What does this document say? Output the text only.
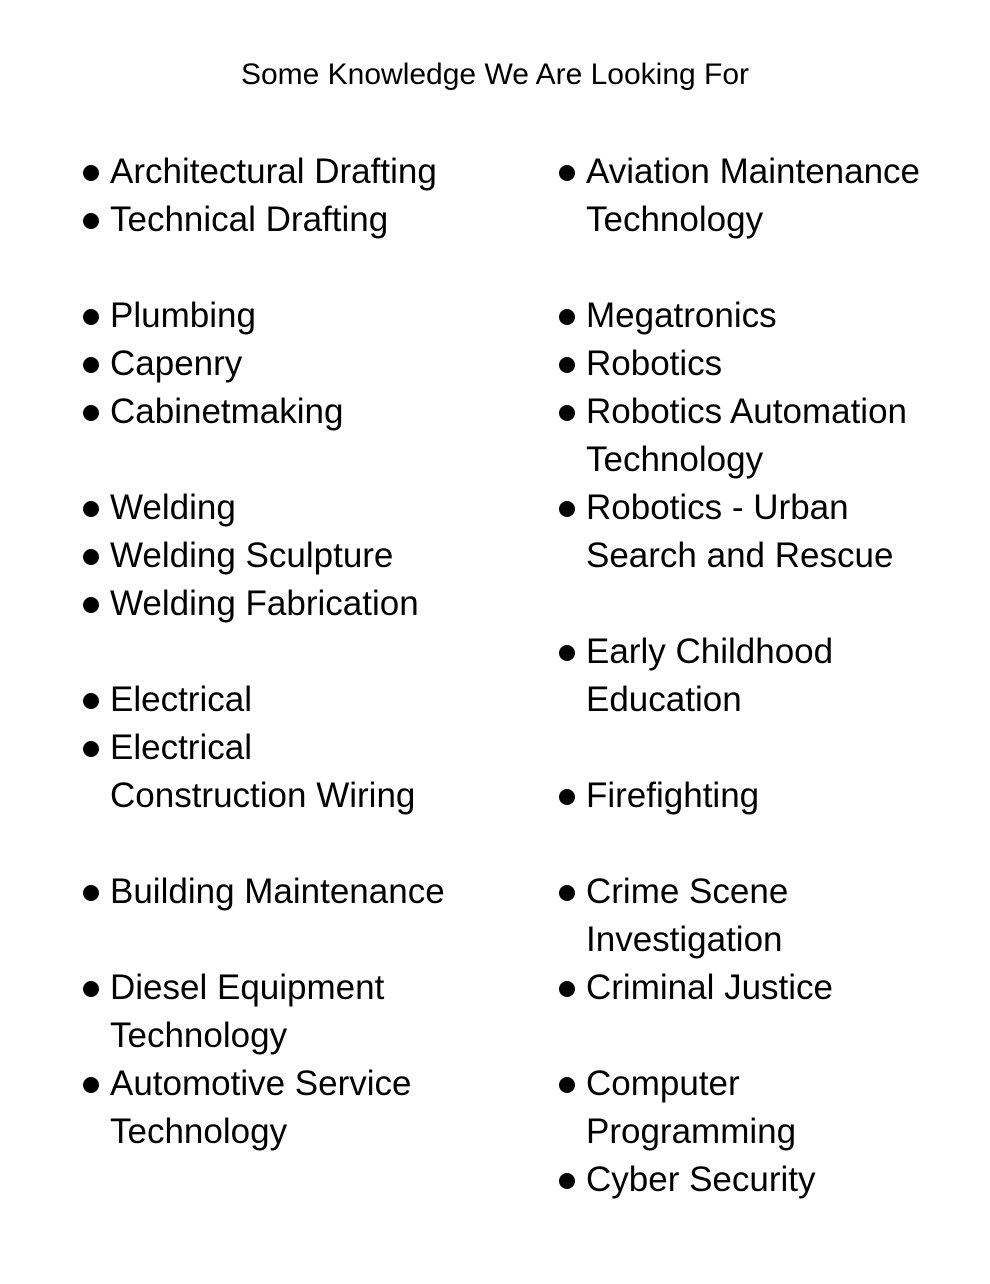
Some Knowledge We Are Looking For
Architectural Drafting
Technical Drafting
Plumbing
Capenry
Cabinetmaking
Welding
Welding Sculpture
Welding Fabrication
Electrical
Electrical
Construction Wiring
Building Maintenance
Diesel Equipment
Technology
Automotive Service
Technology
Aviation Maintenance
Technology
Megatronics
Robotics
Robotics Automation
Technology
Robotics - Urban
Search and Rescue
Early Childhood
Education
Firefighting
Crime Scene
Investigation
Criminal Justice
Computer
Programming
Cyber Security
